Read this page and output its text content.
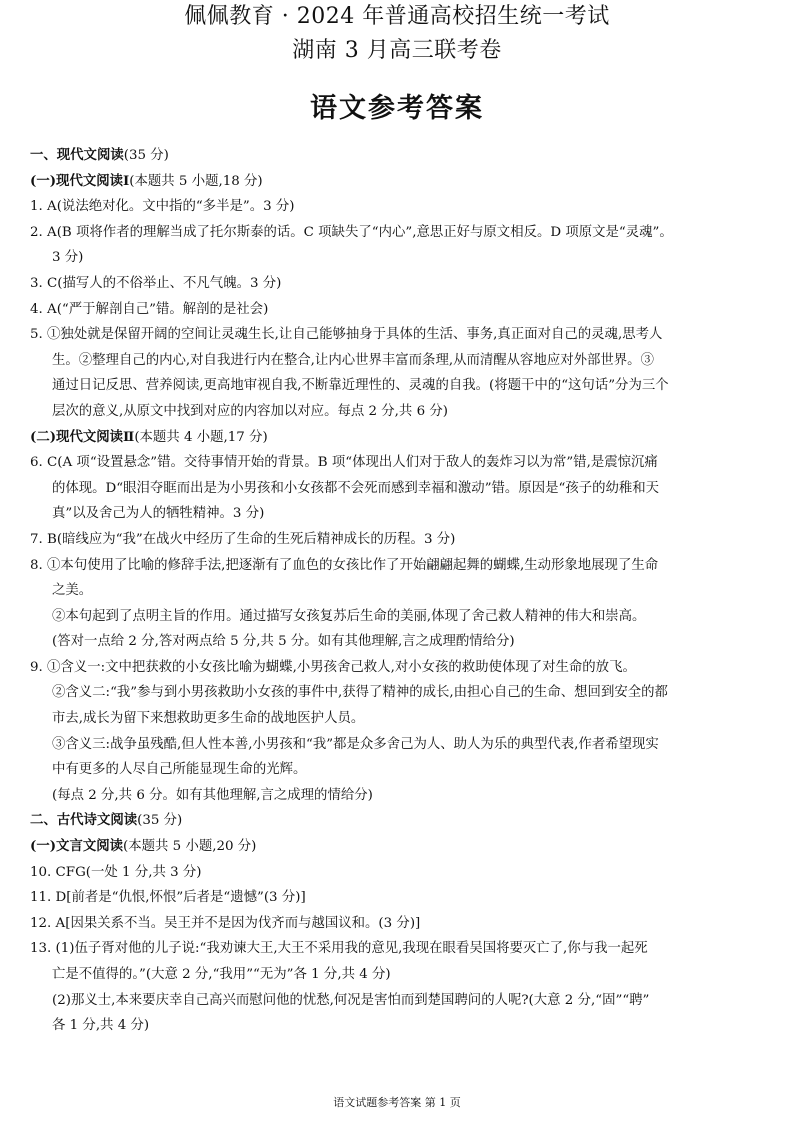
佩佩教育 · 2024 年普通高校招生统一考试
湖南 3 月高三联考卷
语文参考答案

一、现代文阅读(35 分)

(一)现代文阅读Ⅰ(本题共 5 小题,18 分)

1. A(说法绝对化。文中指的“多半是”。3 分)

2. A(B 项将作者的理解当成了托尔斯泰的话。C 项缺失了“内心”,意思正好与原文相反。D 项原文是“灵魂”。

3 分)

3. C(描写人的不俗举止、不凡气魄。3 分)

4. A(“严于解剖自己”错。解剖的是社会)

5. ①独处就是保留开阔的空间让灵魂生长,让自己能够抽身于具体的生活、事务,真正面对自己的灵魂,思考人

生。②整理自己的内心,对自我进行内在整合,让内心世界丰富而条理,从而清醒从容地应对外部世界。③

通过日记反思、营养阅读,更高地审视自我,不断靠近理性的、灵魂的自我。(将题干中的“这句话”分为三个

层次的意义,从原文中找到对应的内容加以对应。每点 2 分,共 6 分)

(二)现代文阅读Ⅱ(本题共 4 小题,17 分)

6. C(A 项“设置悬念”错。交待事情开始的背景。B 项“体现出人们对于敌人的轰炸习以为常”错,是震惊沉痛

的体现。D“眼泪夺眶而出是为小男孩和小女孩都不会死而感到幸福和激动”错。原因是“孩子的幼稚和天

真”以及舍己为人的牺牲精神。3 分)

7. B(暗线应为“我”在战火中经历了生命的生死后精神成长的历程。3 分)

8. ①本句使用了比喻的修辞手法,把逐渐有了血色的女孩比作了开始翩翩起舞的蝴蝶,生动形象地展现了生命

之美。

②本句起到了点明主旨的作用。通过描写女孩复苏后生命的美丽,体现了舍己救人精神的伟大和崇高。

(答对一点给 2 分,答对两点给 5 分,共 5 分。如有其他理解,言之成理酌情给分)

9. ①含义一:文中把获救的小女孩比喻为蝴蝶,小男孩舍己救人,对小女孩的救助使体现了对生命的放飞。

②含义二:“我”参与到小男孩救助小女孩的事件中,获得了精神的成长,由担心自己的生命、想回到安全的都

市去,成长为留下来想救助更多生命的战地医护人员。

③含义三:战争虽残酷,但人性本善,小男孩和“我”都是众多舍己为人、助人为乐的典型代表,作者希望现实

中有更多的人尽自己所能显现生命的光辉。

(每点 2 分,共 6 分。如有其他理解,言之成理的情给分)

二、古代诗文阅读(35 分)

(一)文言文阅读(本题共 5 小题,20 分)

10. CFG(一处 1 分,共 3 分)

11. D[前者是“仇恨,怀恨”后者是“遗憾”(3 分)]

12. A[因果关系不当。吴王并不是因为伐齐而与越国议和。(3 分)]

13. (1)伍子胥对他的儿子说:“我劝谏大王,大王不采用我的意见,我现在眼看吴国将要灭亡了,你与我一起死

亡是不值得的。”(大意 2 分,“我用”“无为”各 1 分,共 4 分)

(2)那义士,本来要庆幸自己高兴而慰问他的忧愁,何况是害怕而到楚国聘问的人呢?(大意 2 分,“固”“聘”

各 1 分,共 4 分)

语文试题参考答案 第 1 页
